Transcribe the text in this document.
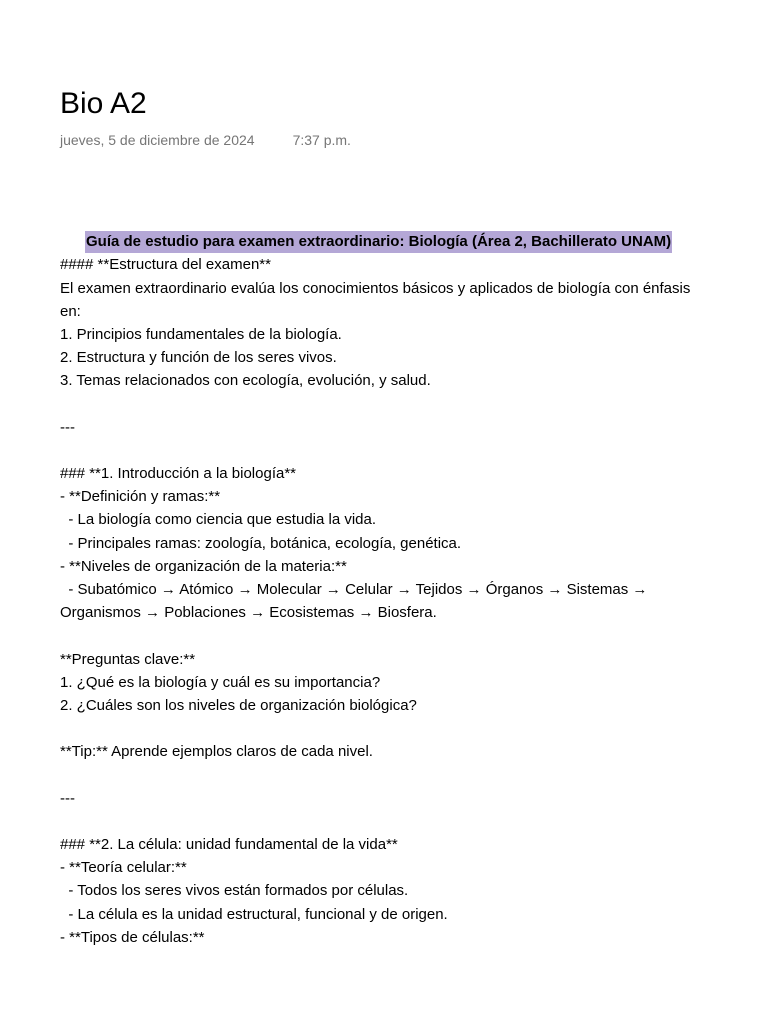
Bio A2
jueves, 5 de diciembre de 2024	7:37 p.m.

Guía de estudio para examen extraordinario: Biología (Área 2, Bachillerato UNAM)

#### **Estructura del examen**
El examen extraordinario evalúa los conocimientos básicos y aplicados de biología con énfasis
en:
1. Principios fundamentales de la biología.
2. Estructura y función de los seres vivos.
3. Temas relacionados con ecología, evolución, y salud.
---
### **1. Introducción a la biología**
- **Definición y ramas:**
- La biología como ciencia que estudia la vida.
- Principales ramas: zoología, botánica, ecología, genética.
- **Niveles de organización de la materia:**
- Subatómico → Atómico → Molecular → Celular → Tejidos → Órganos → Sistemas →
Organismos → Poblaciones → Ecosistemas → Biosfera.
**Preguntas clave:**
1. ¿Qué es la biología y cuál es su importancia?
2. ¿Cuáles son los niveles de organización biológica?
**Tip:** Aprende ejemplos claros de cada nivel.
---
### **2. La célula: unidad fundamental de la vida**
- **Teoría celular:**
- Todos los seres vivos están formados por células.
- La célula es la unidad estructural, funcional y de origen.
- **Tipos de células:**
